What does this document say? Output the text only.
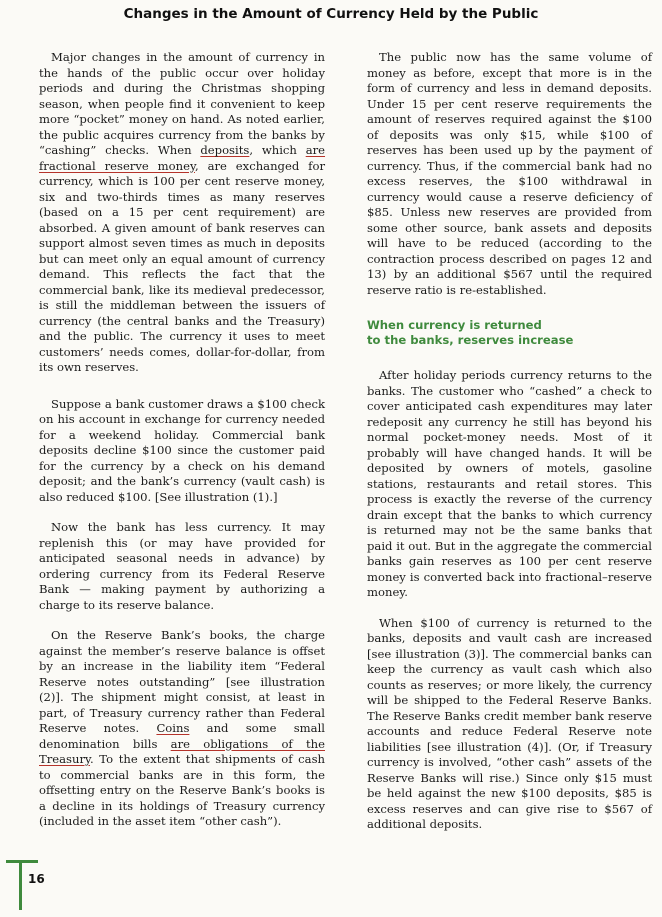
Changes in the Amount of Currency Held by the Public

Major changes in the amount of currency in the hands of the public occur over holiday periods and during the Christmas shopping season, when people find it convenient to keep more “pocket” money on hand. As noted earlier, the public acquires currency from the banks by “cashing” checks. When deposits, which are fractional reserve money, are exchanged for currency, which is 100 per cent reserve money, six and two-thirds times as many reserves (based on a 15 per cent requirement) are absorbed. A given amount of bank reserves can support almost seven times as much in deposits but can meet only an equal amount of currency demand. This reflects the fact that the commercial bank, like its medieval predecessor, is still the middleman between the issuers of currency (the central banks and the Treasury) and the public. The currency it uses to meet customers’ needs comes, dollar-for-dollar, from its own reserves.

Suppose a bank customer draws a $100 check on his account in exchange for currency needed for a weekend holiday. Commercial bank deposits decline $100 since the customer paid for the currency by a check on his demand deposit; and the bank’s currency (vault cash) is also reduced $100. [See illustration (1).]

Now the bank has less currency. It may replenish this (or may have provided for anticipated seasonal needs in advance) by ordering currency from its Federal Reserve Bank — making payment by authorizing a charge to its reserve balance.

On the Reserve Bank’s books, the charge against the member’s reserve balance is offset by an increase in the liability item “Federal Reserve notes outstanding” [see illustration (2)]. The shipment might consist, at least in part, of Treasury currency rather than Federal Reserve notes. Coins and some small denomination bills are obligations of the Treasury. To the extent that shipments of cash to commercial banks are in this form, the offsetting entry on the Reserve Bank’s books is a decline in its holdings of Treasury currency (included in the asset item “other cash”).

The public now has the same volume of money as before, except that more is in the form of currency and less in demand deposits. Under 15 per cent reserve requirements the amount of reserves required against the $100 of deposits was only $15, while $100 of reserves has been used up by the payment of currency. Thus, if the commercial bank had no excess reserves, the $100 withdrawal in currency would cause a reserve deficiency of $85. Unless new reserves are provided from some other source, bank assets and deposits will have to be reduced (according to the contraction process described on pages 12 and 13) by an additional $567 until the required reserve ratio is re-established.

When currency is returned
to the banks, reserves increase

After holiday periods currency returns to the banks. The customer who “cashed” a check to cover anticipated cash expenditures may later redeposit any currency he still has beyond his normal pocket-money needs. Most of it probably will have changed hands. It will be deposited by owners of motels, gasoline stations, restaurants and retail stores. This process is exactly the reverse of the currency drain except that the banks to which currency is returned may not be the same banks that paid it out. But in the aggregate the commercial banks gain reserves as 100 per cent reserve money is converted back into fractional–reserve money.

When $100 of currency is returned to the banks, deposits and vault cash are increased [see illustration (3)]. The commercial banks can keep the currency as vault cash which also counts as reserves; or more likely, the currency will be shipped to the Federal Reserve Banks. The Reserve Banks credit member bank reserve accounts and reduce Federal Reserve note liabilities [see illustration (4)]. (Or, if Treasury currency is involved, “other cash” assets of the Reserve Banks will rise.) Since only $15 must be held against the new $100 deposits, $85 is excess reserves and can give rise to $567 of additional deposits.

16
